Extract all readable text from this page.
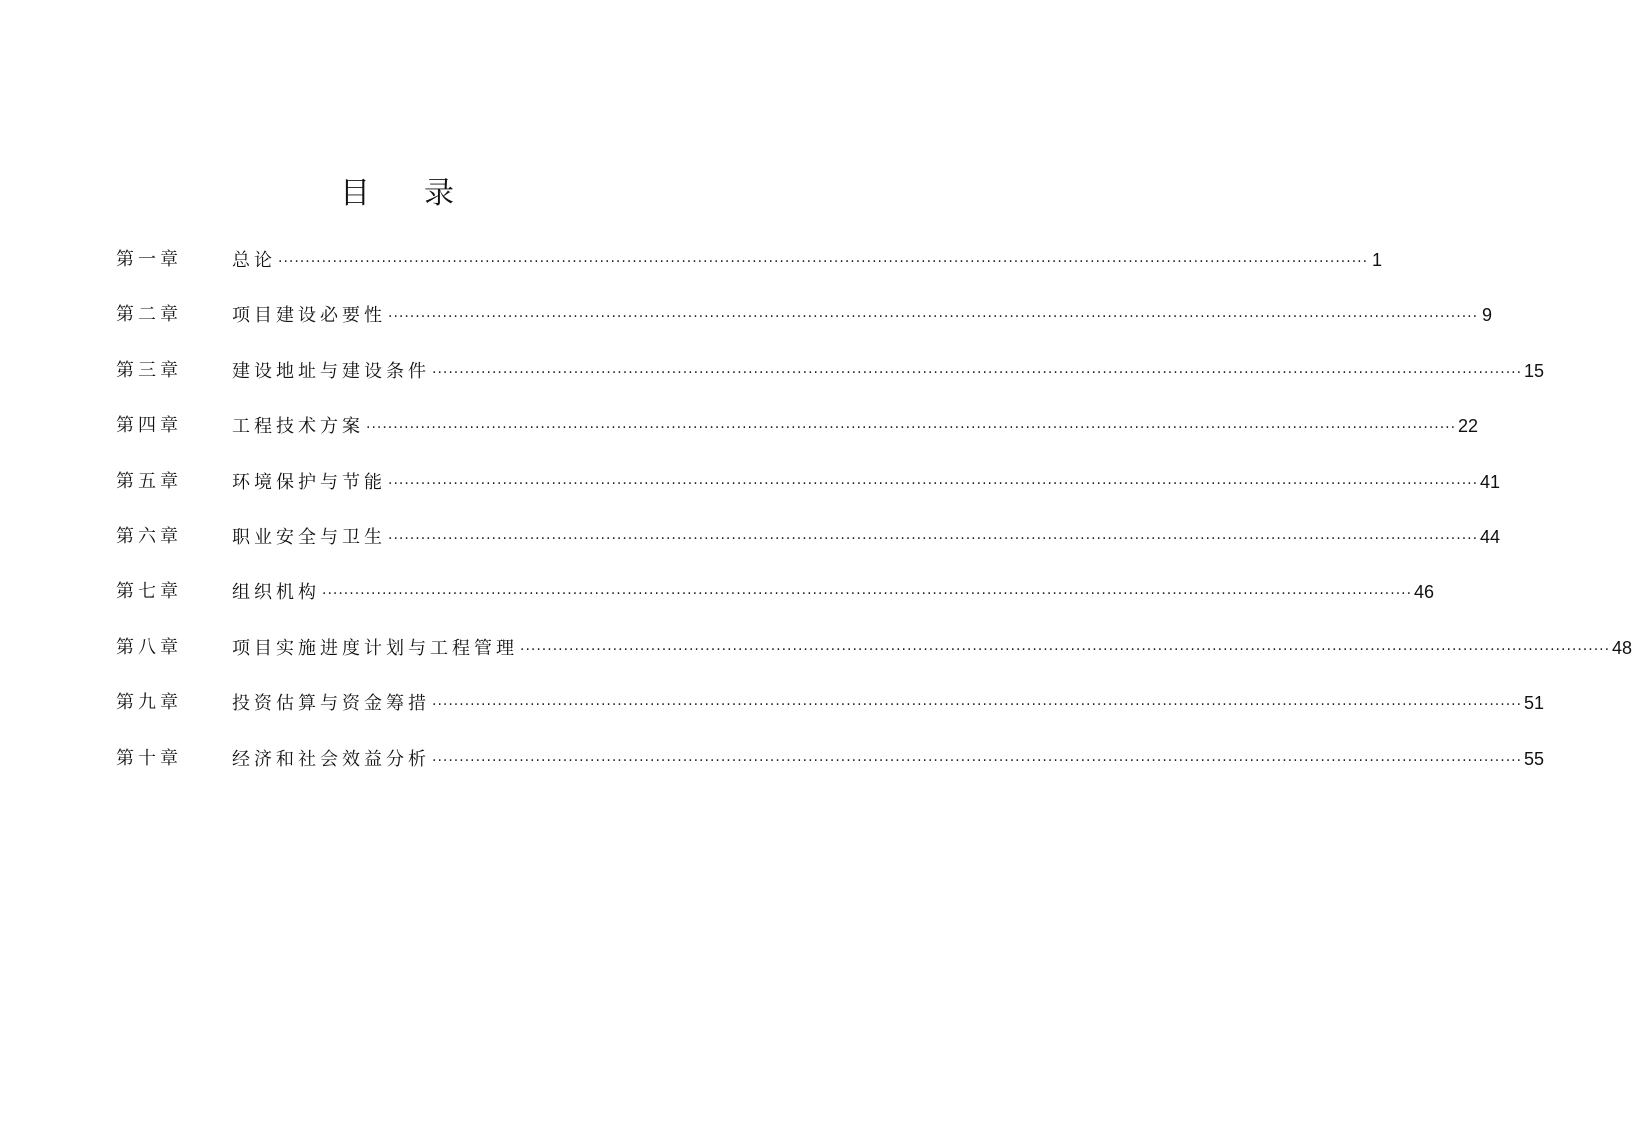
目 录
第一章	总论 ········································································································································································································ 1
第二章	项目建设必要性 ········································································································································································································ 9
第三章	建设地址与建设条件 ········································································································································································································ 15
第四章	工程技术方案 ········································································································································································································ 22
第五章	环境保护与节能 ········································································································································································································ 41
第六章	职业安全与卫生 ········································································································································································································ 44
第七章	组织机构 ········································································································································································································ 46
第八章	项目实施进度计划与工程管理 ········································································································································································································ 48
第九章	投资估算与资金筹措 ········································································································································································································ 51
第十章	经济和社会效益分析 ········································································································································································································ 55
